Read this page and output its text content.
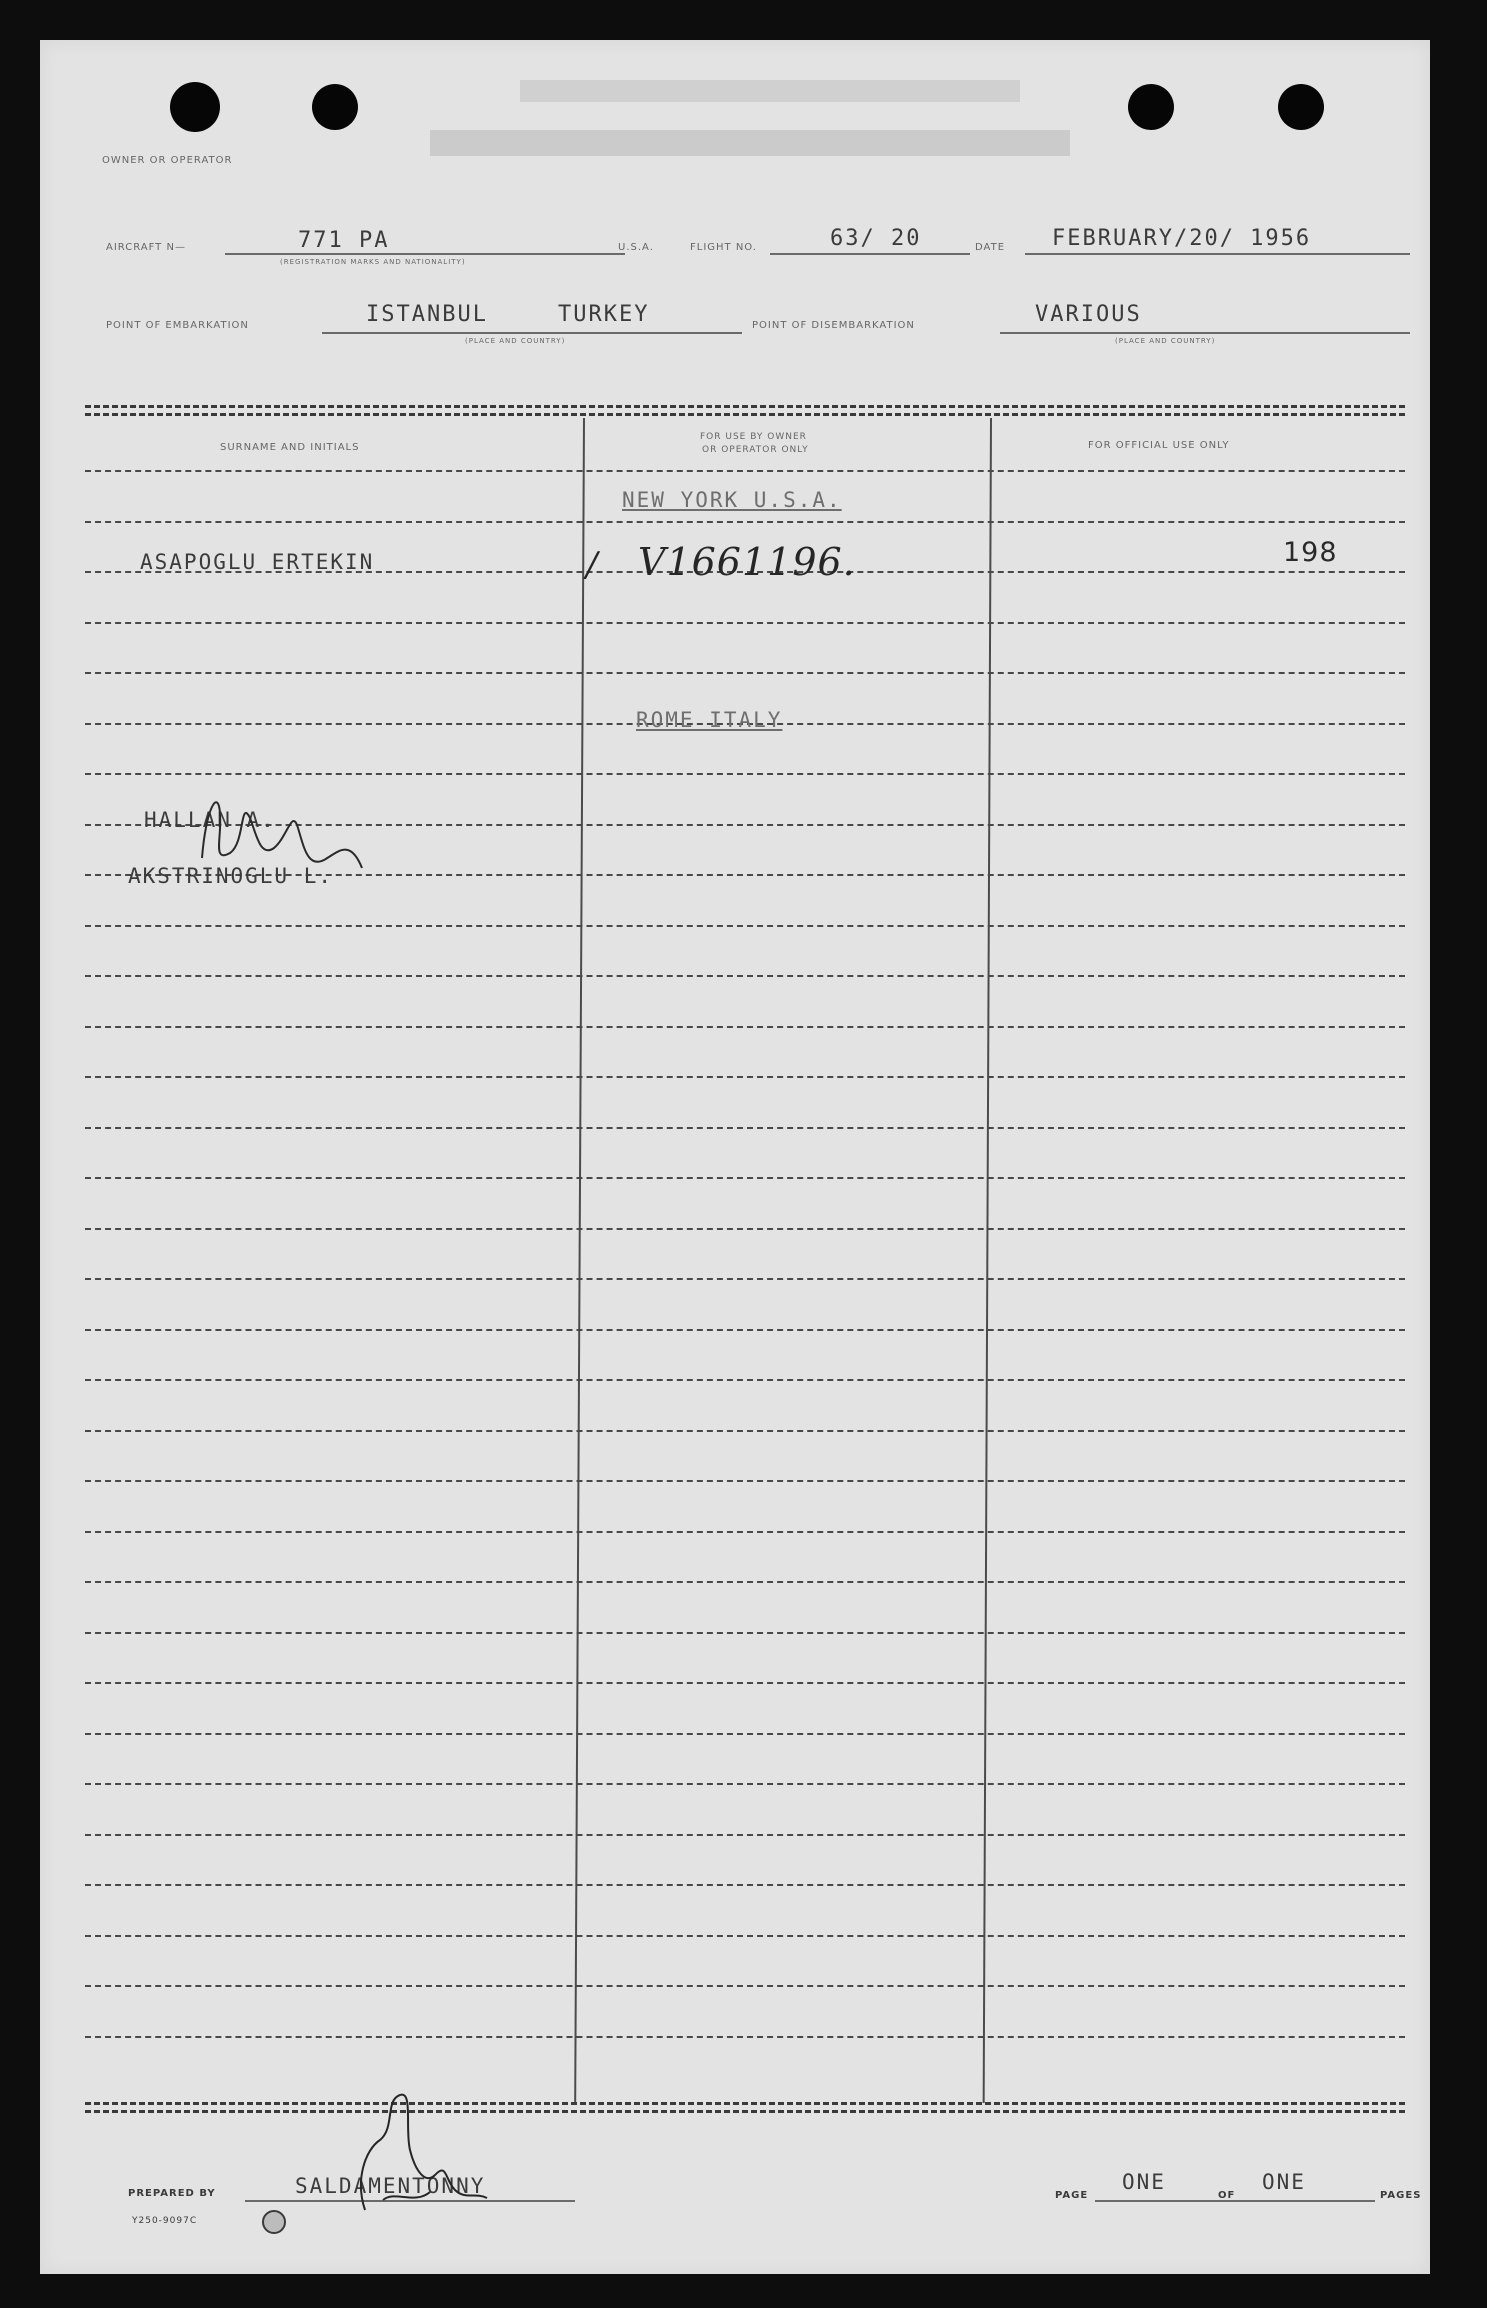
OWNER OR OPERATOR
AIRCRAFT N—	771 PA
(REGISTRATION MARKS AND NATIONALITY)
U.S.A.	FLIGHT NO.	63/ 20	DATE FEBRUARY/20/ 1956
POINT OF EMBARKATION	ISTANBUL	TURKEY
(PLACE AND COUNTRY)
POINT OF DISEMBARKATION	VARIOUS
(PLACE AND COUNTRY)
SURNAME AND INITIALS
FOR USE BY OWNER
OR OPERATOR ONLY	FOR OFFICIAL USE ONLY
NEW YORK U.S.A.
ASAPOGLU ERTEKIN	/ V1661196.	198
ROME ITALY
HALLAN A.
AKSTRINOGLU L.
PREPARED BY	SALDAMENTONNY
Y250-9097C
PAGE
ONE
OF
ONE
PAGES
